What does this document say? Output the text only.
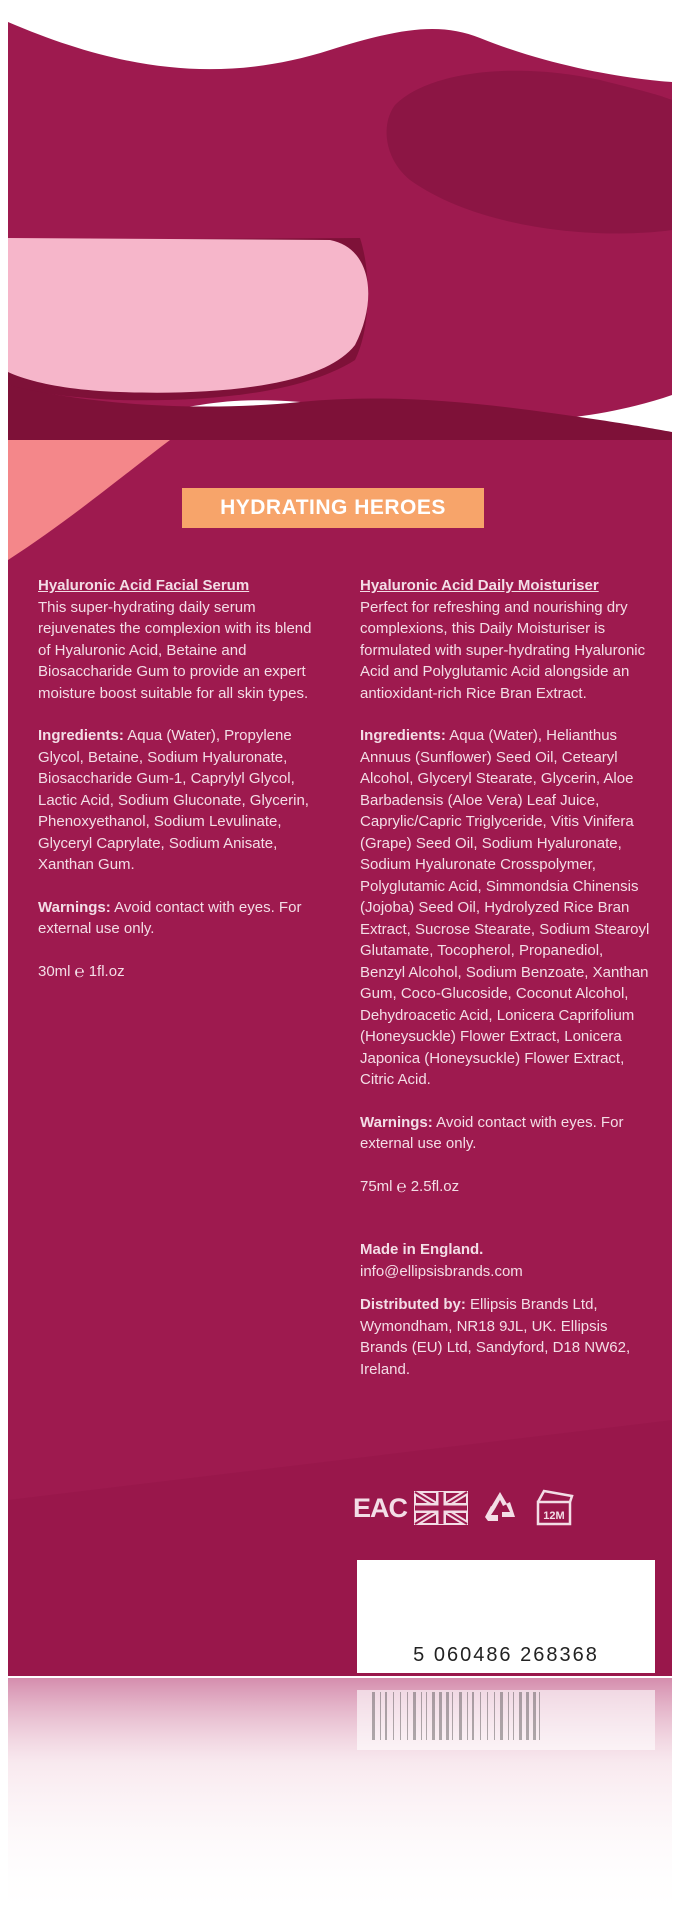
HYDRATING HEROES

Hyaluronic Acid Facial Serum

This super-hydrating daily serum rejuvenates the complexion with its blend of Hyaluronic Acid, Betaine and Biosaccharide Gum to provide an expert moisture boost suitable for all skin types.

Ingredients: Aqua (Water), Propylene Glycol, Betaine, Sodium Hyaluronate, Biosaccharide Gum-1, Caprylyl Glycol, Lactic Acid, Sodium Gluconate, Glycerin, Phenoxyethanol, Sodium Levulinate, Glyceryl Caprylate, Sodium Anisate, Xanthan Gum.

Warnings: Avoid contact with eyes. For external use only.

30ml ℮ 1fl.oz

Hyaluronic Acid Daily Moisturiser

Perfect for refreshing and nourishing dry complexions, this Daily Moisturiser is formulated with super-hydrating Hyaluronic Acid and Polyglutamic Acid alongside an antioxidant-rich Rice Bran Extract.

Ingredients: Aqua (Water), Helianthus Annuus (Sunflower) Seed Oil, Cetearyl Alcohol, Glyceryl Stearate, Glycerin, Aloe Barbadensis (Aloe Vera) Leaf Juice, Caprylic/Capric Triglyceride, Vitis Vinifera (Grape) Seed Oil, Sodium Hyaluronate, Sodium Hyaluronate Crosspolymer, Polyglutamic Acid, Simmondsia Chinensis (Jojoba) Seed Oil, Hydrolyzed Rice Bran Extract, Sucrose Stearate, Sodium Stearoyl Glutamate, Tocopherol, Propanediol, Benzyl Alcohol, Sodium Benzoate, Xanthan Gum, Coco-Glucoside, Coconut Alcohol, Dehydroacetic Acid, Lonicera Caprifolium (Honeysuckle) Flower Extract, Lonicera Japonica (Honeysuckle) Flower Extract, Citric Acid.

Warnings: Avoid contact with eyes. For external use only.

75ml ℮ 2.5fl.oz

Made in England.

info@ellipsisbrands.com

Distributed by: Ellipsis Brands Ltd, Wymondham, NR18 9JL, UK. Ellipsis Brands (EU) Ltd, Sandyford, D18 NW62, Ireland.

EAC	12M
5 060486 268368
